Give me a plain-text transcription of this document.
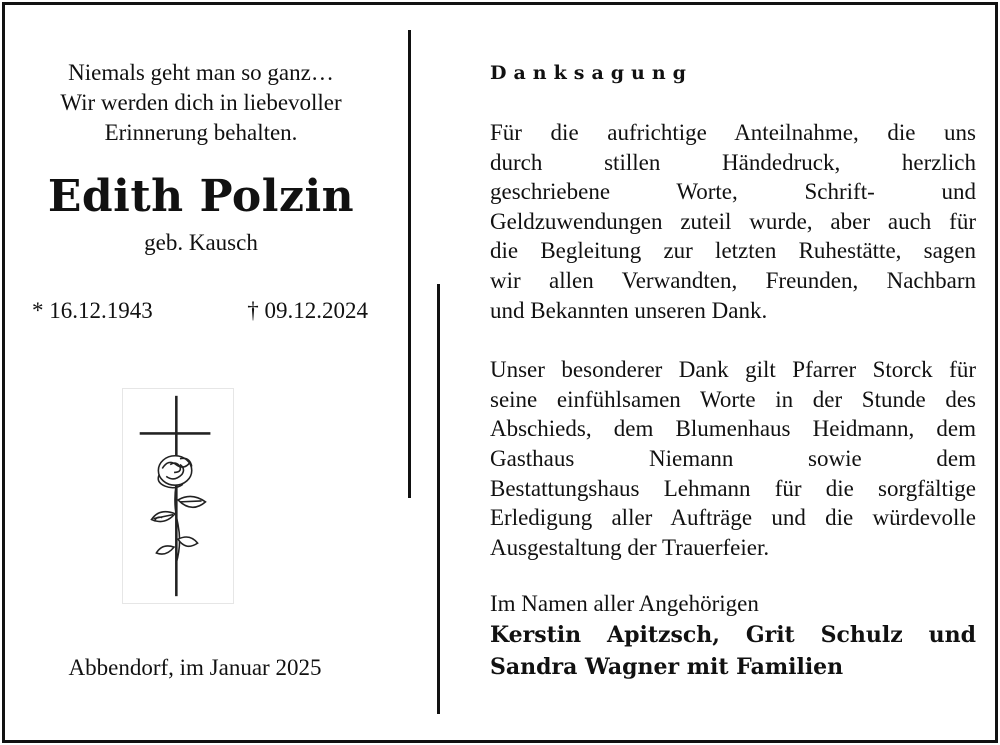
Niemals geht man so ganz…
Wir werden dich in liebevoller
Erinnerung behalten.
Edith Polzin
geb. Kausch
* 16.12.1943	† 09.12.2024
Abbendorf, im Januar 2025
Danksagung
Für die aufrichtige Anteilnahme, die uns
durch stillen Händedruck, herzlich
geschriebene Worte, Schrift- und
Geldzuwendungen zuteil wurde, aber auch für
die Begleitung zur letzten Ruhestätte, sagen
wir allen Verwandten, Freunden, Nachbarn
und Bekannten unseren Dank.
Unser besonderer Dank gilt Pfarrer Storck für
seine einfühlsamen Worte in der Stunde des
Abschieds, dem Blumenhaus Heidmann, dem
Gasthaus Niemann sowie dem
Bestattungshaus Lehmann für die sorgfältige
Erledigung aller Aufträge und die würdevolle
Ausgestaltung der Trauerfeier.
Im Namen aller Angehörigen
Kerstin Apitzsch, Grit Schulz und
Sandra Wagner mit Familien
